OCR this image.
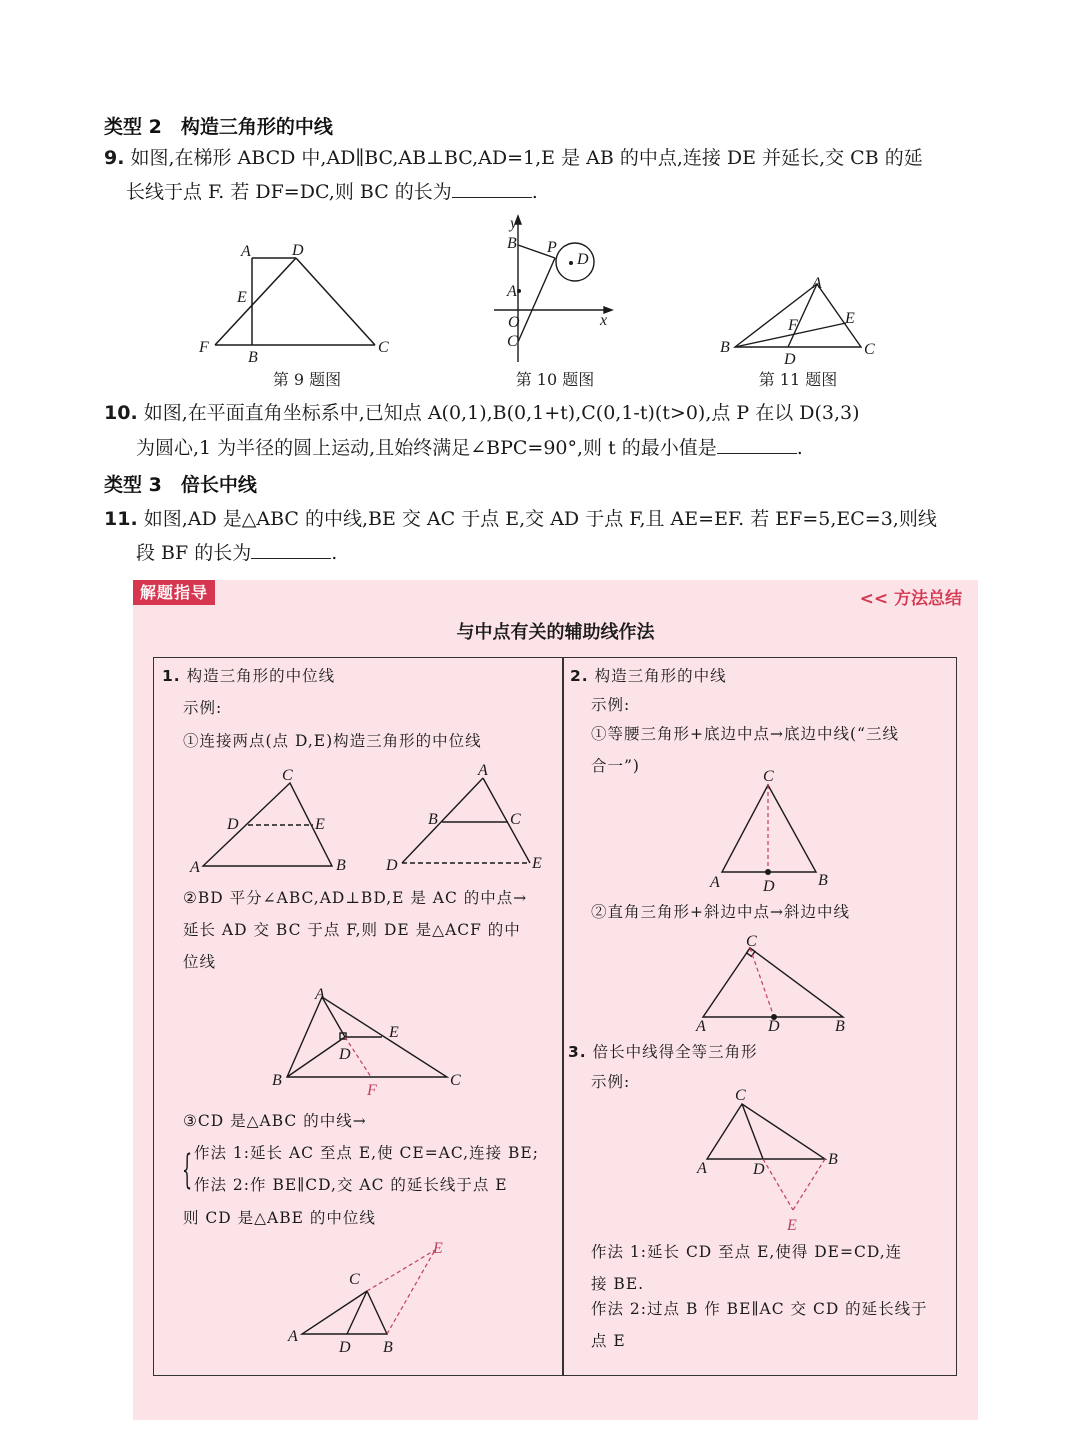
类型 2　构造三角形的中线
9. 如图,在梯形 ABCD 中,AD∥BC,AB⊥BC,AD=1,E 是 AB 的中点,连接 DE 并延长,交 CB 的延
长线于点 F. 若 DF=DC,则 BC 的长为	.
A	D
E
F
B
C
第 9 题图
y
B P
D
A
O	x
C
第 10 题图
A
F	E
B
D
C
第 11 题图
10. 如图,在平面直角坐标系中,已知点 A(0,1),B(0,1+t),C(0,1-t)(t>0),点 P 在以 D(3,3)
为圆心,1 为半径的圆上运动,且始终满足∠BPC=90°,则 t 的最小值是	.
类型 3　倍长中线
11. 如图,AD 是△ABC 的中线,BE 交 AC 于点 E,交 AD 于点 F,且 AE=EF. 若 EF=5,EC=3,则线
段 BF 的长为	.
解题指导	<< 方法总结
与中点有关的辅助线作法
1. 构造三角形的中位线
示例:
①连接两点(点 D,E)构造三角形的中位线
C
D	E
A	B
A
B	C
D	E
②BD 平分∠ABC,AD⊥BD,E 是 AC 的中点→
延长 AD 交 BC 于点 F,则 DE 是△ACF 的中
位线
A
E
D
B	C
F
③CD 是△ABC 的中线→
{ 作法 1:延长 AC 至点 E,使 CE=AC,连接 BE;
作法 2:作 BE∥CD,交 AC 的延长线于点 E
则 CD 是△ABE 的中位线
C
E
A
D B
2. 构造三角形的中线
示例:
①等腰三角形+底边中点→底边中线(“三线
合一”)
C
A	D	B
②直角三角形+斜边中点→斜边中线
C
A	D	B
3. 倍长中线得全等三角形
示例:
C
A	D
B
E
作法 1:延长 CD 至点 E,使得 DE=CD,连
接 BE.
作法 2:过点 B 作 BE∥AC 交 CD 的延长线于
点 E
